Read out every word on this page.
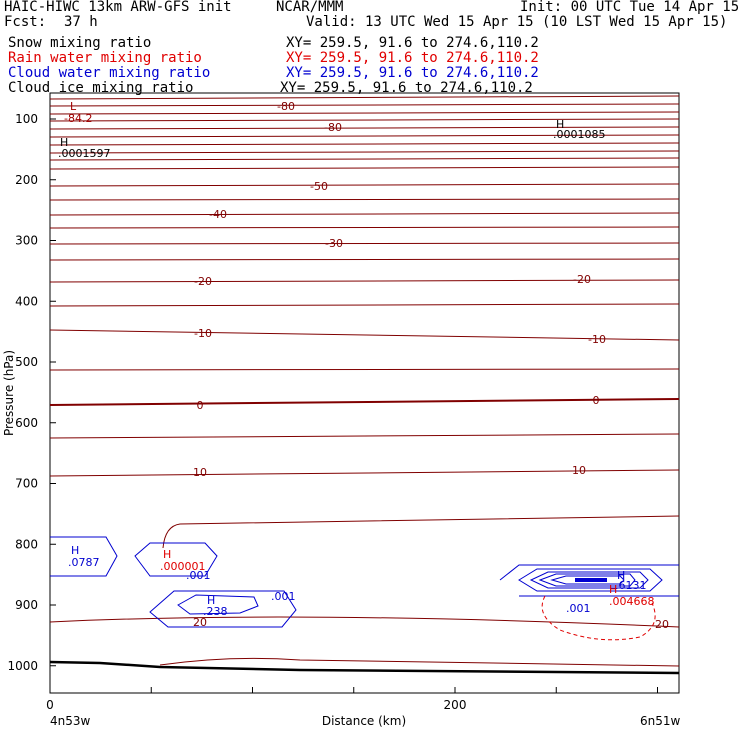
HAIC-HIWC 13km ARW-GFS init	NCAR/MMM	Init: 00 UTC Tue 14 Apr 15
Fcst: 37 h	Valid: 13 UTC Wed 15 Apr 15 (10 LST Wed 15 Apr 15)
Snow mixing ratio	XY= 259.5, 91.6 to 274.6,110.2
Rain water mixing ratio	XY= 259.5, 91.6 to 274.6,110.2
Cloud water mixing ratio	XY= 259.5, 91.6 to 274.6,110.2
Cloud ice mixing ratio	XY= 259.5, 91.6 to 274.6,110.2
-80
-80
-50
-40
-30
-20	-20
-10	-10
0	0
10	10
20	20
L
-84.2
H
.0001597
H
.0001085
H
.0787
H
.000001
H
.238
H
.6131
H
.004668
.001
.001
.001
100
200
300
400
500
600
700
800
900
1000
0	200
Pressure (hPa)
Distance (km)
4n53w	6n51w
